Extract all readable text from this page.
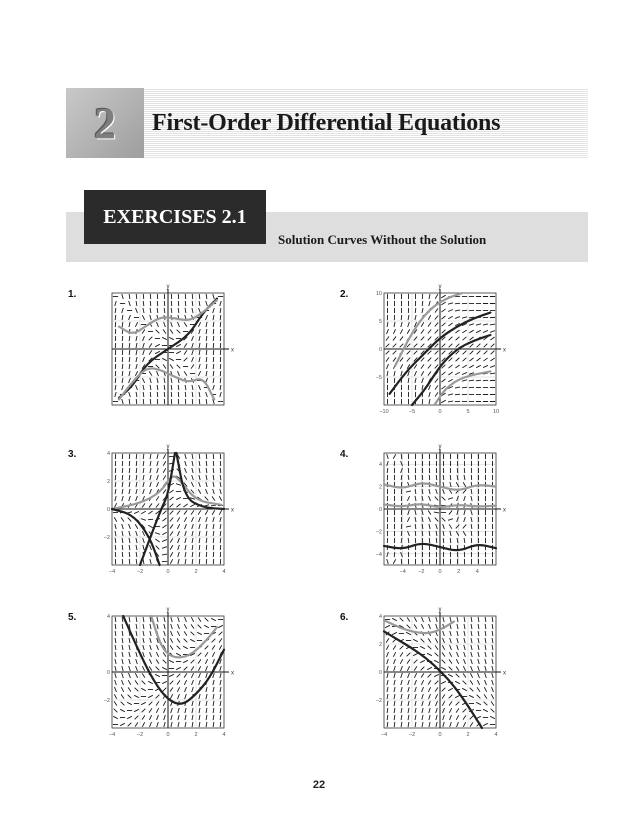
2 First-Order Differential Equations
EXERCISES 2.1
Solution Curves Without the Solution
1.
x
y
2.
x
y
−10	−5	0	5	10
−5
0
5
10
3.
x
y
−4	−2	0	2	4
−2
0
2
4	4.
x
y
−4 −2	0	2	4
−4
−2
0
2
4
5.
x
y
−4	−2	0	2	4
−2
0
4	6.
x
y
−4	−2	0	2	4
−2
0
2
4
22
